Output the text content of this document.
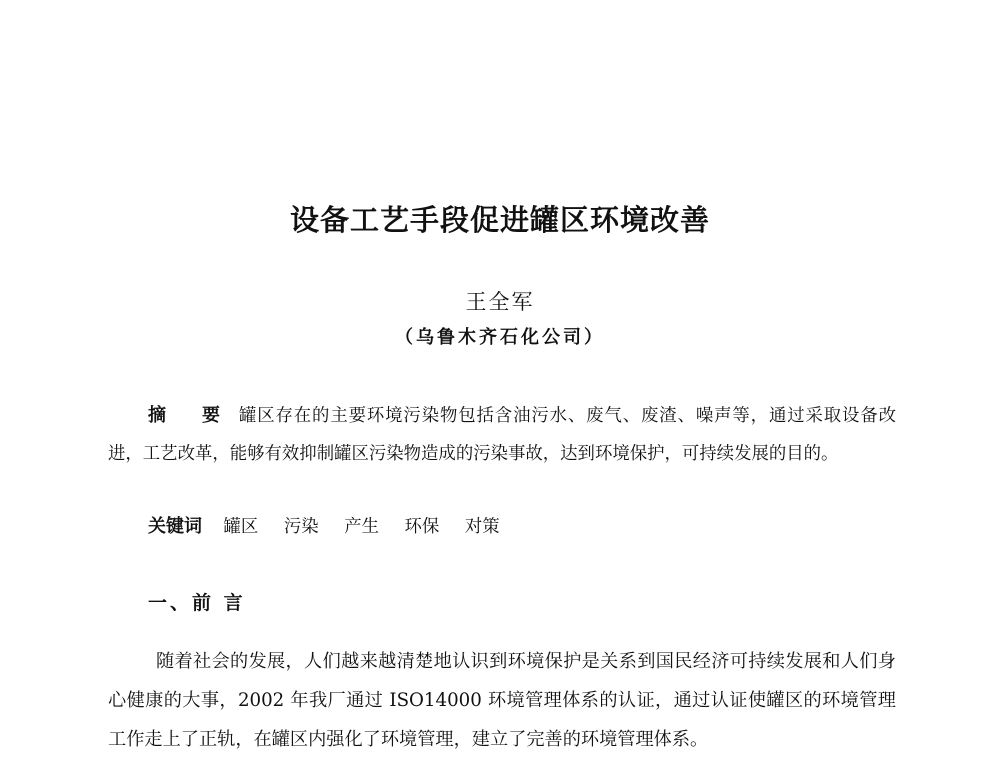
设备工艺手段促进罐区环境改善
王全军
（乌鲁木齐石化公司）

摘 要 罐区存在的主要环境污染物包括含油污水、废气、废渣、噪声等，通过采取设备改进，工艺改革，能够有效抑制罐区污染物造成的污染事故，达到环境保护，可持续发展的目的。

关键词 罐区 污染 产生 环保 对策
一、前 言

随着社会的发展，人们越来越清楚地认识到环境保护是关系到国民经济可持续发展和人们身心健康的大事，2002 年我厂通过 ISO14000 环境管理体系的认证，通过认证使罐区的环境管理工作走上了正轨，在罐区内强化了环境管理，建立了完善的环境管理体系。
